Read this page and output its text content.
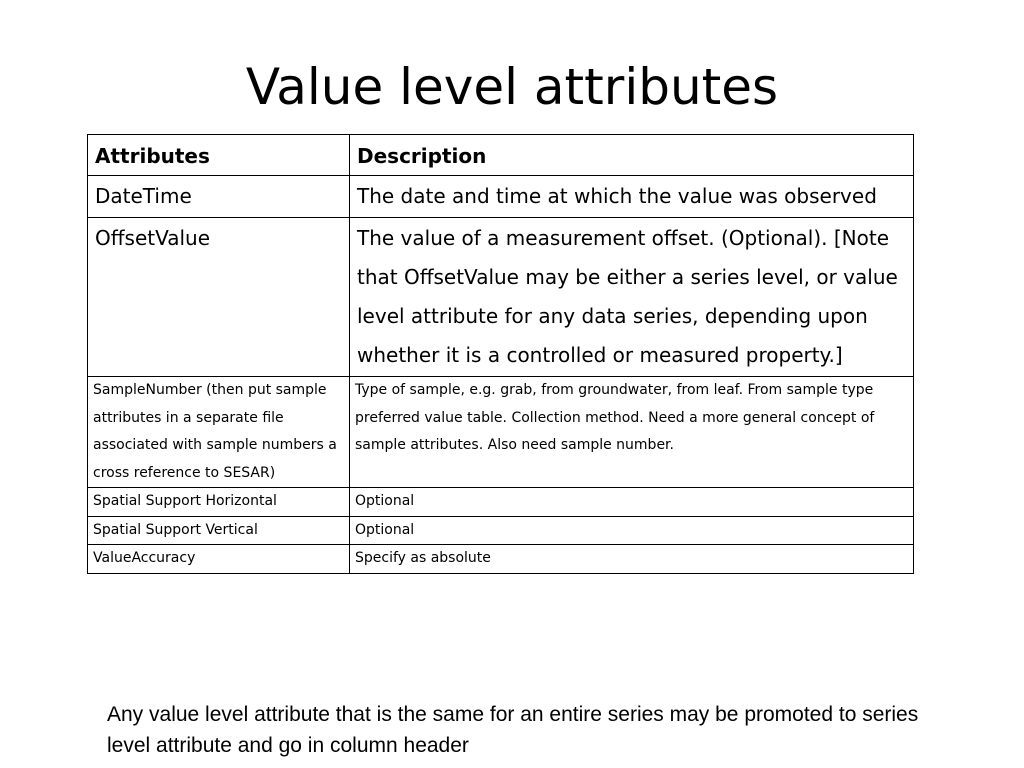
Value level attributes
Attributes	Description
DateTime	The date and time at which the value was observed
OffsetValue	The value of a measurement offset. (Optional). [Note that OffsetValue may be either a series level, or value level attribute for any data series, depending upon whether it is a controlled or measured property.]
SampleNumber (then put sample attributes in a separate file associated with sample numbers a cross reference to SESAR)	Type of sample, e.g. grab, from groundwater, from leaf. From sample type preferred value table. Collection method. Need a more general concept of sample attributes. Also need sample number.
Spatial Support Horizontal	Optional
Spatial Support Vertical	Optional
ValueAccuracy	Specify as absolute
Any value level attribute that is the same for an entire series may be promoted to series level attribute and go in column header
